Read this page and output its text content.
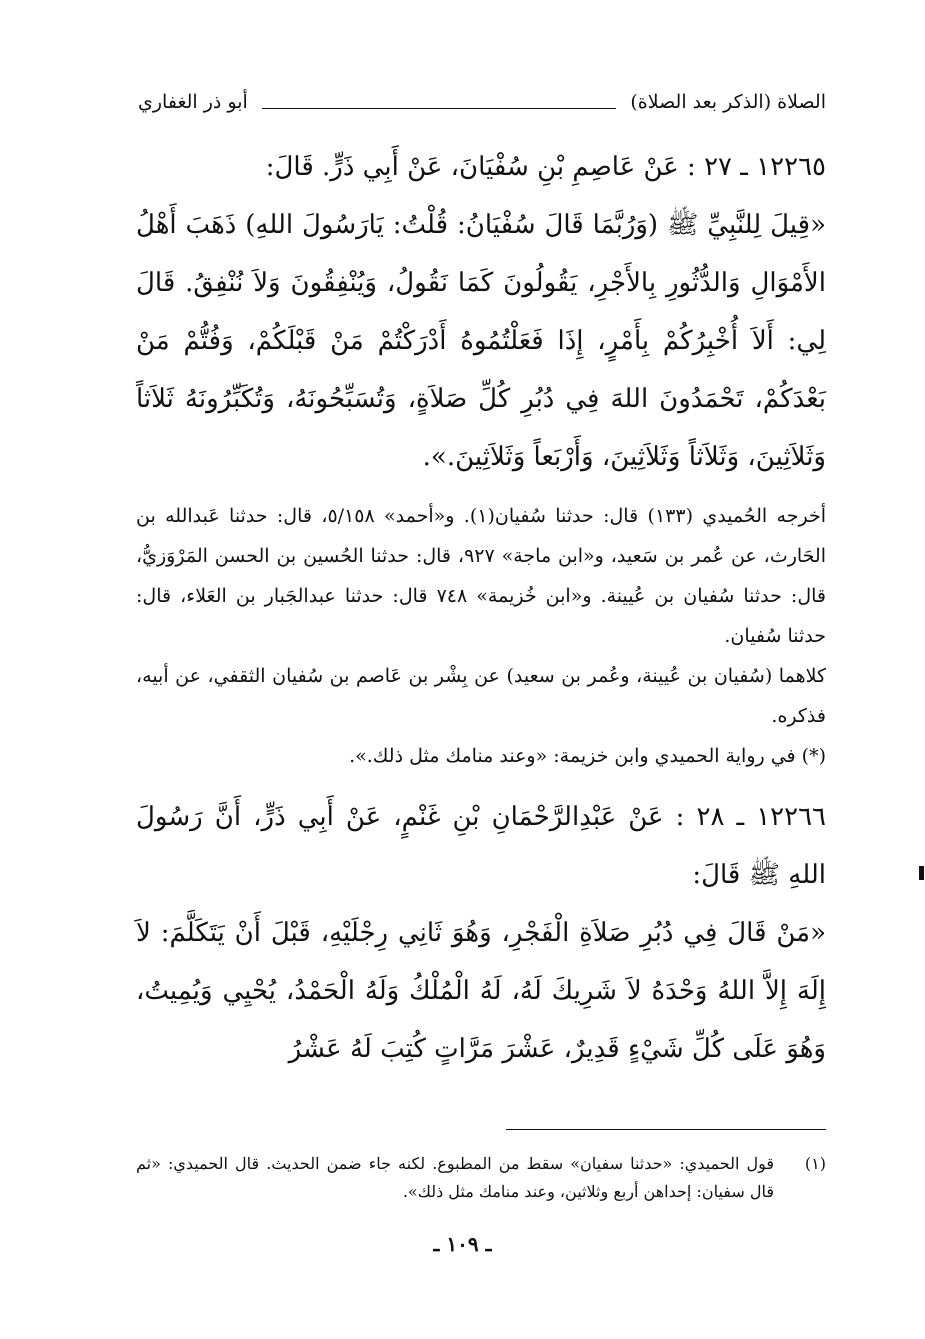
الصلاة (الذكر بعد الصلاة)
أبو ذر الغفاري

١٢٢٦٥ ـ ٢٧ : عَنْ عَاصِمِ بْنِ سُفْيَانَ، عَنْ أَبِي ذَرٍّ. قَالَ:

«قِيلَ لِلنَّبِيِّ ﷺ (وَرُبَّمَا قَالَ سُفْيَانُ: قُلْتُ: يَارَسُولَ اللهِ) ذَهَبَ أَهْلُ الأَمْوَالِ وَالدُّثُورِ بِالأَجْرِ، يَقُولُونَ كَمَا نَقُولُ، وَيُنْفِقُونَ وَلاَ نُنْفِقُ. قَالَ لِي: أَلاَ أُخْبِرُكُمْ بِأَمْرٍ، إِذَا فَعَلْتُمُوهُ أَدْرَكْتُمْ مَنْ قَبْلَكُمْ، وَفُتُّمْ مَنْ بَعْدَكُمْ، تَحْمَدُونَ اللهَ فِي دُبُرِ كُلِّ صَلاَةٍ، وَتُسَبِّحُونَهُ، وَتُكَبِّرُونَهُ ثَلاَثاً وَثَلاَثِينَ، وَثَلاَثاً وَثَلاَثِينَ، وَأَرْبَعاً وَثَلاَثِينَ.».

أخرجه الحُميدي (١٣٣) قال: حدثنا سُفيان(١). و«أحمد» ٥/١٥٨، قال: حدثنا عَبدالله بن الحَارث، عن عُمر بن سَعيد، و«ابن ماجة» ٩٢٧، قال: حدثنا الحُسين بن الحسن المَرْوَزيُّ، قال: حدثنا سُفيان بن عُيينة. و«ابن خُزيمة» ٧٤٨ قال: حدثنا عبدالجَبار بن العَلاء، قال: حدثنا سُفيان.

كلاهما (سُفيان بن عُيينة، وعُمر بن سعيد) عن بِشْر بن عَاصم بن سُفيان الثقفي، عن أبيه، فذكره.

(*) في رواية الحميدي وابن خزيمة: «وعند منامك مثل ذلك.».

١٢٢٦٦ ـ ٢٨ : عَنْ عَبْدِالرَّحْمَانِ بْنِ غَنْمٍ، عَنْ أَبِي ذَرٍّ، أَنَّ رَسُولَ اللهِ ﷺ قَالَ:

«مَنْ قَالَ فِي دُبُرِ صَلاَةِ الْفَجْرِ، وَهُوَ ثَانِي رِجْلَيْهِ، قَبْلَ أَنْ يَتَكَلَّمَ: لاَ إِلَهَ إِلاَّ اللهُ وَحْدَهُ لاَ شَرِيكَ لَهُ، لَهُ الْمُلْكُ وَلَهُ الْحَمْدُ، يُحْيِي وَيُمِيتُ، وَهُوَ عَلَى كُلِّ شَيْءٍ قَدِيرٌ، عَشْرَ مَرَّاتٍ كُتِبَ لَهُ عَشْرُ

(١)
قول الحميدي: «حدثنا سفيان» سقط من المطبوع. لكنه جاء ضمن الحديث. قال الحميدي: «ثم قال سفيان: إحداهن أربع وثلاثين، وعند منامك مثل ذلك».
ـ ١٠٩ ـ
